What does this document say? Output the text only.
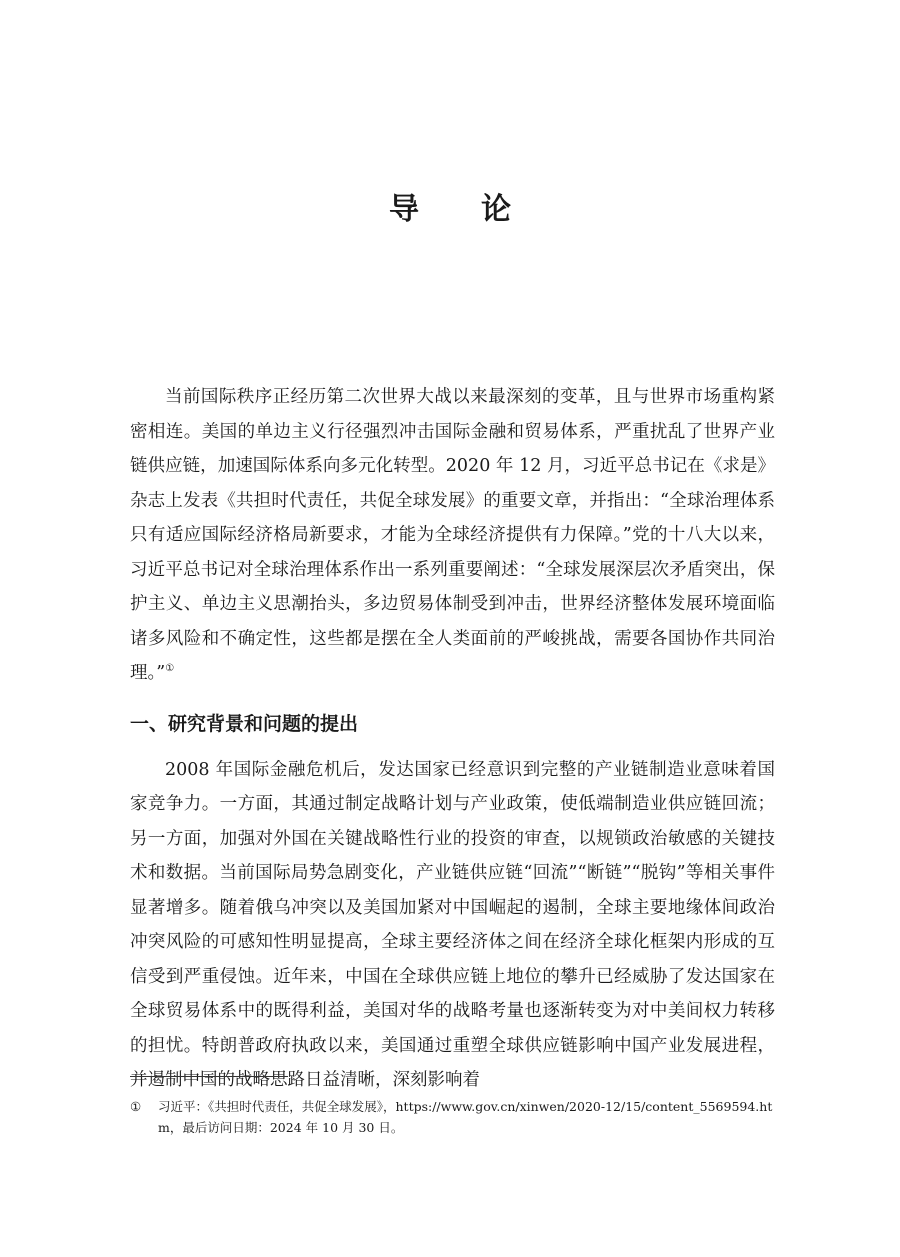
导论

当前国际秩序正经历第二次世界大战以来最深刻的变革，且与世界市场重构紧密相连。美国的单边主义行径强烈冲击国际金融和贸易体系，严重扰乱了世界产业链供应链，加速国际体系向多元化转型。2020 年 12 月，习近平总书记在《求是》杂志上发表《共担时代责任，共促全球发展》的重要文章，并指出：“全球治理体系只有适应国际经济格局新要求，才能为全球经济提供有力保障。”党的十八大以来，习近平总书记对全球治理体系作出一系列重要阐述：“全球发展深层次矛盾突出，保护主义、单边主义思潮抬头，多边贸易体制受到冲击，世界经济整体发展环境面临诸多风险和不确定性，这些都是摆在全人类面前的严峻挑战，需要各国协作共同治理。”①

一、研究背景和问题的提出

2008 年国际金融危机后，发达国家已经意识到完整的产业链制造业意味着国家竞争力。一方面，其通过制定战略计划与产业政策，使低端制造业供应链回流；另一方面，加强对外国在关键战略性行业的投资的审查，以规锁政治敏感的关键技术和数据。当前国际局势急剧变化，产业链供应链“回流”“断链”“脱钩”等相关事件显著增多。随着俄乌冲突以及美国加紧对中国崛起的遏制，全球主要地缘体间政治冲突风险的可感知性明显提高，全球主要经济体之间在经济全球化框架内形成的互信受到严重侵蚀。近年来，中国在全球供应链上地位的攀升已经威胁了发达国家在全球贸易体系中的既得利益，美国对华的战略考量也逐渐转变为对中美间权力转移的担忧。特朗普政府执政以来，美国通过重塑全球供应链影响中国产业发展进程，并遏制中国的战略思路日益清晰，深刻影响着

① 习近平：《共担时代责任，共促全球发展》，https://www.gov.cn/xinwen/2020-12/15/content_5569594.htm，最后访问日期：2024 年 10 月 30 日。
